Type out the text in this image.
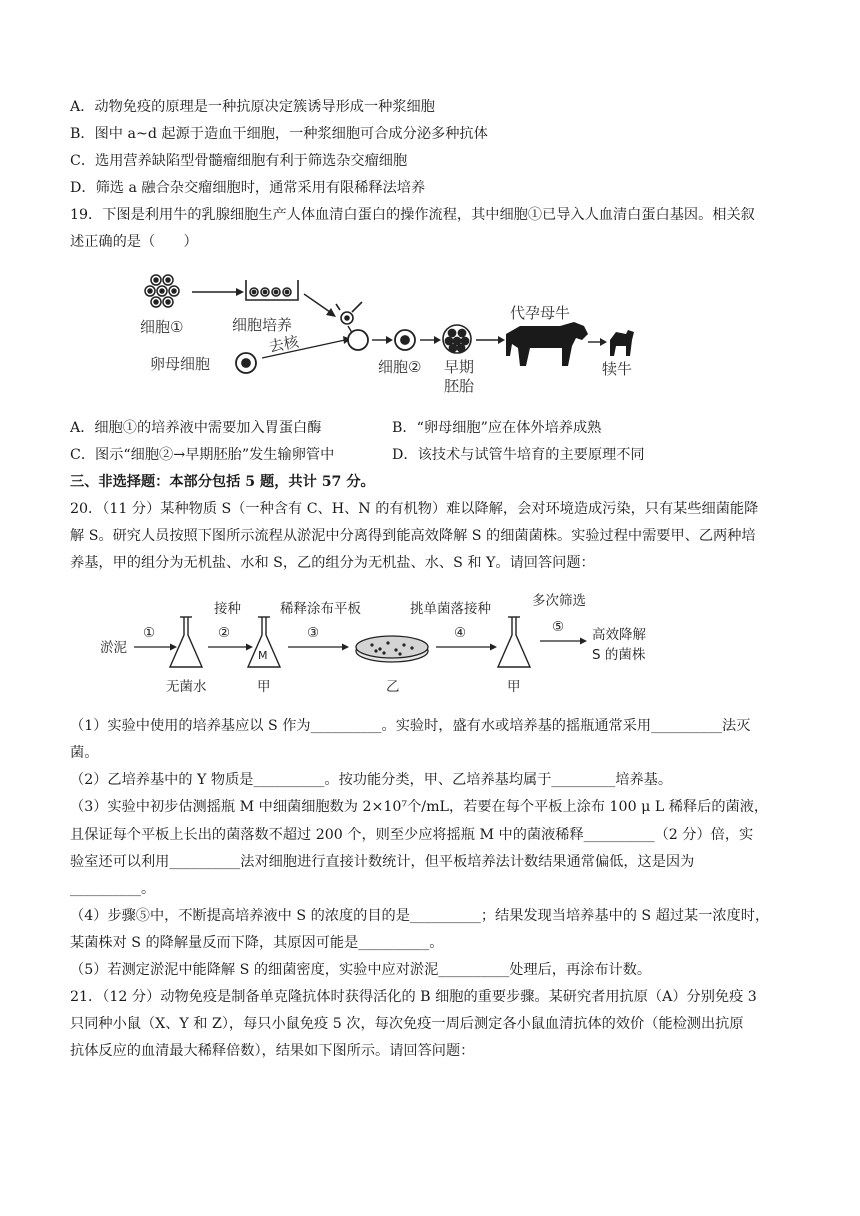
A．动物免疫的原理是一种抗原决定簇诱导形成一种浆细胞
B．图中 a~d 起源于造血干细胞，一种浆细胞可合成分泌多种抗体
C．选用营养缺陷型骨髓瘤细胞有利于筛选杂交瘤细胞
D．筛选 a 融合杂交瘤细胞时，通常采用有限稀释法培养
19．下图是利用牛的乳腺细胞生产人体血清白蛋白的操作流程，其中细胞①已导入人血清白蛋白基因。相关叙
述正确的是（　　）
细胞①	细胞培养
卵母细胞
去核
细胞② 早期
胚胎
代孕母牛
犊牛
A．细胞①的培养液中需要加入胃蛋白酶	B．“卵母细胞”应在体外培养成熟
C．图示“细胞②→早期胚胎”发生输卵管中	D．该技术与试管牛培育的主要原理不同
三、非选择题：本部分包括 5 题，共计 57 分。
20．（11 分）某种物质 S（一种含有 C、H、N 的有机物）难以降解，会对环境造成污染，只有某些细菌能降
解 S。研究人员按照下图所示流程从淤泥中分离得到能高效降解 S 的细菌菌株。实验过程中需要甲、乙两种培
养基，甲的组分为无机盐、水和 S，乙的组分为无机盐、水、S 和 Y。请回答问题：
淤泥
①
无菌水
接种
②
M
甲
稀释涂布平板
③
乙
挑单菌落接种
④
甲
多次筛选
⑤ 高效降解
S 的菌株
（1）实验中使用的培养基应以 S 作为__________。实验时，盛有水或培养基的摇瓶通常采用__________法灭
菌。
（2）乙培养基中的 Y 物质是__________。按功能分类，甲、乙培养基均属于_________培养基。
（3）实验中初步估测摇瓶 M 中细菌细胞数为 2×10⁷个/mL，若要在每个平板上涂布 100 μ L 稀释后的菌液，
且保证每个平板上长出的菌落数不超过 200 个，则至少应将摇瓶 M 中的菌液稀释__________（2 分）倍，实
验室还可以利用__________法对细胞进行直接计数统计，但平板培养法计数结果通常偏低，这是因为
__________。
（4）步骤⑤中，不断提高培养液中 S 的浓度的目的是__________；结果发现当培养基中的 S 超过某一浓度时，
某菌株对 S 的降解量反而下降，其原因可能是__________。
（5）若测定淤泥中能降解 S 的细菌密度，实验中应对淤泥__________处理后，再涂布计数。
21．（12 分）动物免疫是制备单克隆抗体时获得活化的 B 细胞的重要步骤。某研究者用抗原（A）分别免疫 3
只同种小鼠（X、Y 和 Z），每只小鼠免疫 5 次，每次免疫一周后测定各小鼠血清抗体的效价（能检测出抗原
抗体反应的血清最大稀释倍数），结果如下图所示。请回答问题：
